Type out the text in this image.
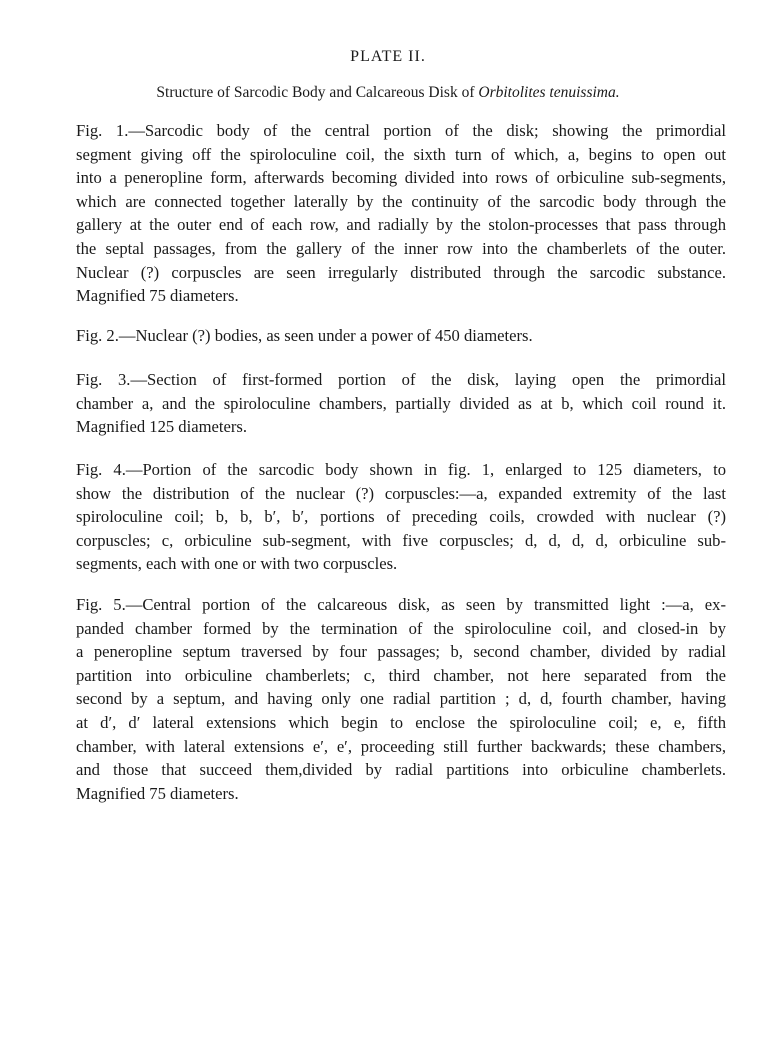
PLATE II.
Structure of Sarcodic Body and Calcareous Disk of Orbitolites tenuissima.

Fig. 1.—Sarcodic body of the central portion of the disk; showing the primordial
segment giving off the spiroloculine coil, the sixth turn of which, a, begins to open out
into a peneropline form, afterwards becoming divided into rows of orbiculine sub-segments,
which are connected together laterally by the continuity of the sarcodic body through the
gallery at the outer end of each row, and radially by the stolon-processes that pass through
the septal passages, from the gallery of the inner row into the chamberlets of the outer.
Nuclear (?) corpuscles are seen irregularly distributed through the sarcodic substance.
Magnified 75 diameters.

Fig. 2.—Nuclear (?) bodies, as seen under a power of 450 diameters.

Fig. 3.—Section of first-formed portion of the disk, laying open the primordial
chamber a, and the spiroloculine chambers, partially divided as at b, which coil round it.
Magnified 125 diameters.

Fig. 4.—Portion of the sarcodic body shown in fig. 1, enlarged to 125 diameters, to
show the distribution of the nuclear (?) corpuscles:—a, expanded extremity of the last
spiroloculine coil; b, b, b′, b′, portions of preceding coils, crowded with nuclear (?)
corpuscles; c, orbiculine sub-segment, with five corpuscles; d, d, d, d, orbiculine sub-
segments, each with one or with two corpuscles.

Fig. 5.—Central portion of the calcareous disk, as seen by transmitted light :—a, ex-
panded chamber formed by the termination of the spiroloculine coil, and closed-in by
a peneropline septum traversed by four passages; b, second chamber, divided by radial
partition into orbiculine chamberlets; c, third chamber, not here separated from the
second by a septum, and having only one radial partition ; d, d, fourth chamber, having
at d′, d′ lateral extensions which begin to enclose the spiroloculine coil; e, e, fifth
chamber, with lateral extensions e′, e′, proceeding still further backwards; these chambers,
and those that succeed them,divided by radial partitions into orbiculine chamberlets.
Magnified 75 diameters.
